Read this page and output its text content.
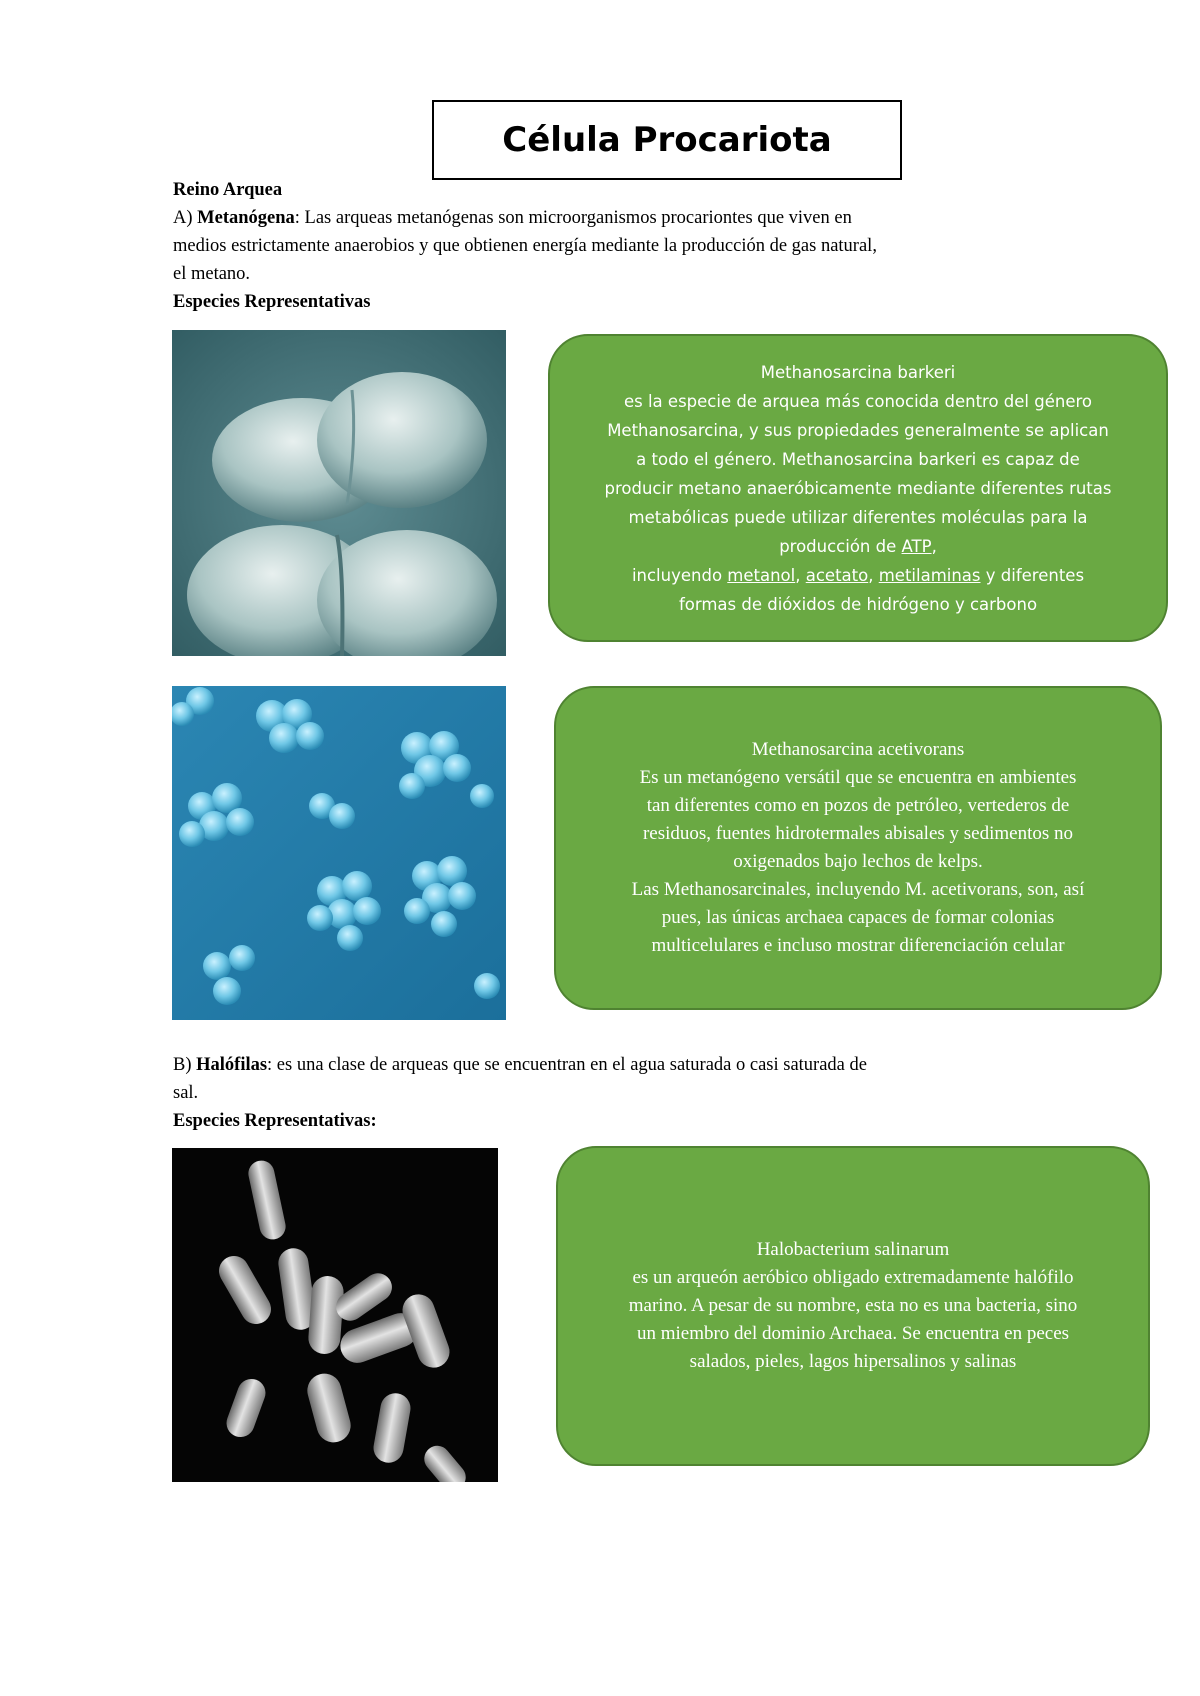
Célula Procariota
Reino Arquea
A) Metanógena: Las arqueas metanógenas son microorganismos procariontes que viven en
medios estrictamente anaerobios y que obtienen energía mediante la producción de gas natural,
el metano.
Especies Representativas

Methanosarcina barkeri

es la especie de arquea más conocida dentro del género

Methanosarcina, y sus propiedades generalmente se aplican

a todo el género. Methanosarcina barkeri es capaz de

producir metano anaeróbicamente mediante diferentes rutas

metabólicas puede utilizar diferentes moléculas para la

producción de ATP,

incluyendo metanol, acetato, metilaminas y diferentes

formas de dióxidos de hidrógeno y carbono

Methanosarcina acetivorans

Es un metanógeno versátil que se encuentra en ambientes

tan diferentes como en pozos de petróleo, vertederos de

residuos, fuentes hidrotermales abisales y sedimentos no

oxigenados bajo lechos de kelps.

Las Methanosarcinales, incluyendo M. acetivorans, son, así

pues, las únicas archaea capaces de formar colonias

multicelulares e incluso mostrar diferenciación celular

B) Halófilas: es una clase de arqueas que se encuentran en el agua saturada o casi saturada de
sal.
Especies Representativas:

Halobacterium salinarum

es un arqueón aeróbico obligado extremadamente halófilo

marino. A pesar de su nombre, esta no es una bacteria, sino

un miembro del dominio Archaea. Se encuentra en peces

salados, pieles, lagos hipersalinos y salinas
